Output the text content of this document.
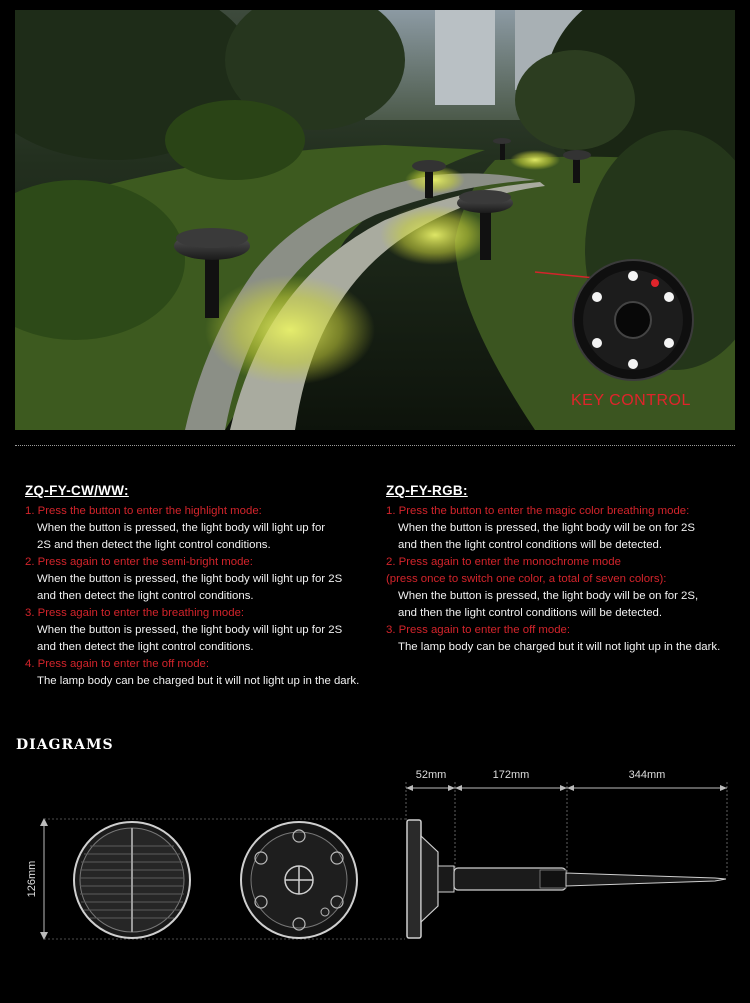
KEY CONTROL
ZQ-FY-CW/WW:
1. Press the button to enter the highlight mode:
When the button is pressed, the light body will light up for
2S and then detect the light control conditions.
2. Press again to enter the semi-bright mode:
When the button is pressed, the light body will light up for 2S
and then detect the light control conditions.
3. Press again to enter the breathing mode:
When the button is pressed, the light body will light up for 2S
and then detect the light control conditions.
4. Press again to enter the off mode:
The lamp body can be charged but it will not light up in the dark.
ZQ-FY-RGB:
1. Press the button to enter the magic color breathing mode:
When the button is pressed, the light body will be on for 2S
and then the light control conditions will be detected.
2. Press again to enter the monochrome mode
(press once to switch one color, a total of seven colors):
When the button is pressed, the light body will be on for 2S,
and then the light control conditions will be detected.
3. Press again to enter the off mode:
The lamp body can be charged but it will not light up in the dark.
DIAGRAMS
126mm
52mm	172mm	344mm
